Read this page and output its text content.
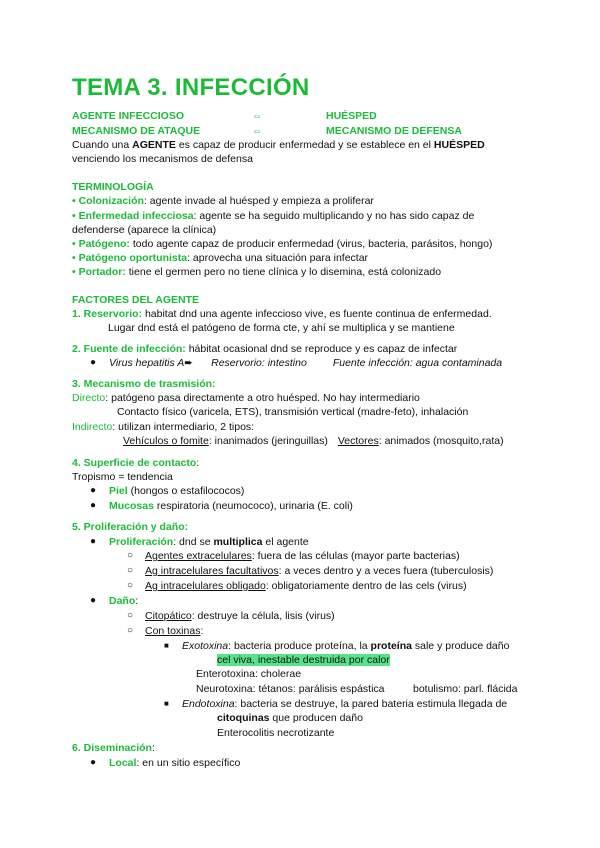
TEMA 3. INFECCIÓN
AGENTE INFECCIOSO	⇔	HUÉSPED
MECANISMO DE ATAQUE	⇔	MECANISMO DE DEFENSA
Cuando una AGENTE es capaz de producir enfermedad y se establece en el HUÉSPED
venciendo los mecanismos de defensa
TERMINOLOGÍA
• Colonización: agente invade al huésped y empieza a proliferar
• Enfermedad infecciosa: agente se ha seguido multiplicando y no has sido capaz de
defenderse (aparece la clínica)
• Patógeno: todo agente capaz de producir enfermedad (virus, bacteria, parásitos, hongo)
• Patógeno oportunista: aprovecha una situación para infectar
• Portador: tiene el germen pero no tiene clínica y lo disemina, está colonizado
FACTORES DEL AGENTE
1. Reservorio: habitat dnd una agente infeccioso vive, es fuente continua de enfermedad.
Lugar dnd está el patógeno de forma cte, y ahí se multiplica y se mantiene
2. Fuente de infección: hábitat ocasional dnd se reproduce y es capaz de infectar
● Virus hepatitis A➨ Reservorio: intestino Fuente infección: agua contaminada
3. Mecanismo de trasmisión:
Directo: patógeno pasa directamente a otro huésped. No hay intermediario
Contacto físico (varicela, ETS), transmisión vertical (madre-feto), inhalación
Indirecto: utilizan intermediario, 2 tipos:
Vehículos o fomite: inanimados (jeringuillas) Vectores: animados (mosquito,rata)
4. Superficie de contacto:
Tropismo = tendencia
● Piel (hongos o estafilococos)
● Mucosas respiratoria (neumococo), urinaria (E. coli)
5. Proliferación y daño:
● Proliferación: dnd se multiplica el agente
○ Agentes extracelulares: fuera de las células (mayor parte bacterias)
○ Ag intracelulares facultativos: a veces dentro y a veces fuera (tuberculosis)
○ Ag intracelulares obligado: obligatoriamente dentro de las cels (virus)
● Daño:
○ Citopático: destruye la célula, lisis (virus)
○ Con toxinas:
■ Exotoxina: bacteria produce proteína, la proteína sale y produce daño
cel viva, inestable destruida por calor
Enterotoxina: cholerae
Neurotoxina: tétanos: parálisis espástica	botulismo: parl. flácida
■ Endotoxina: bacteria se destruye, la pared bateria estimula llegada de
citoquinas que producen daño
Enterocolitis necrotizante
6. Diseminación:
● Local: en un sitio específico
